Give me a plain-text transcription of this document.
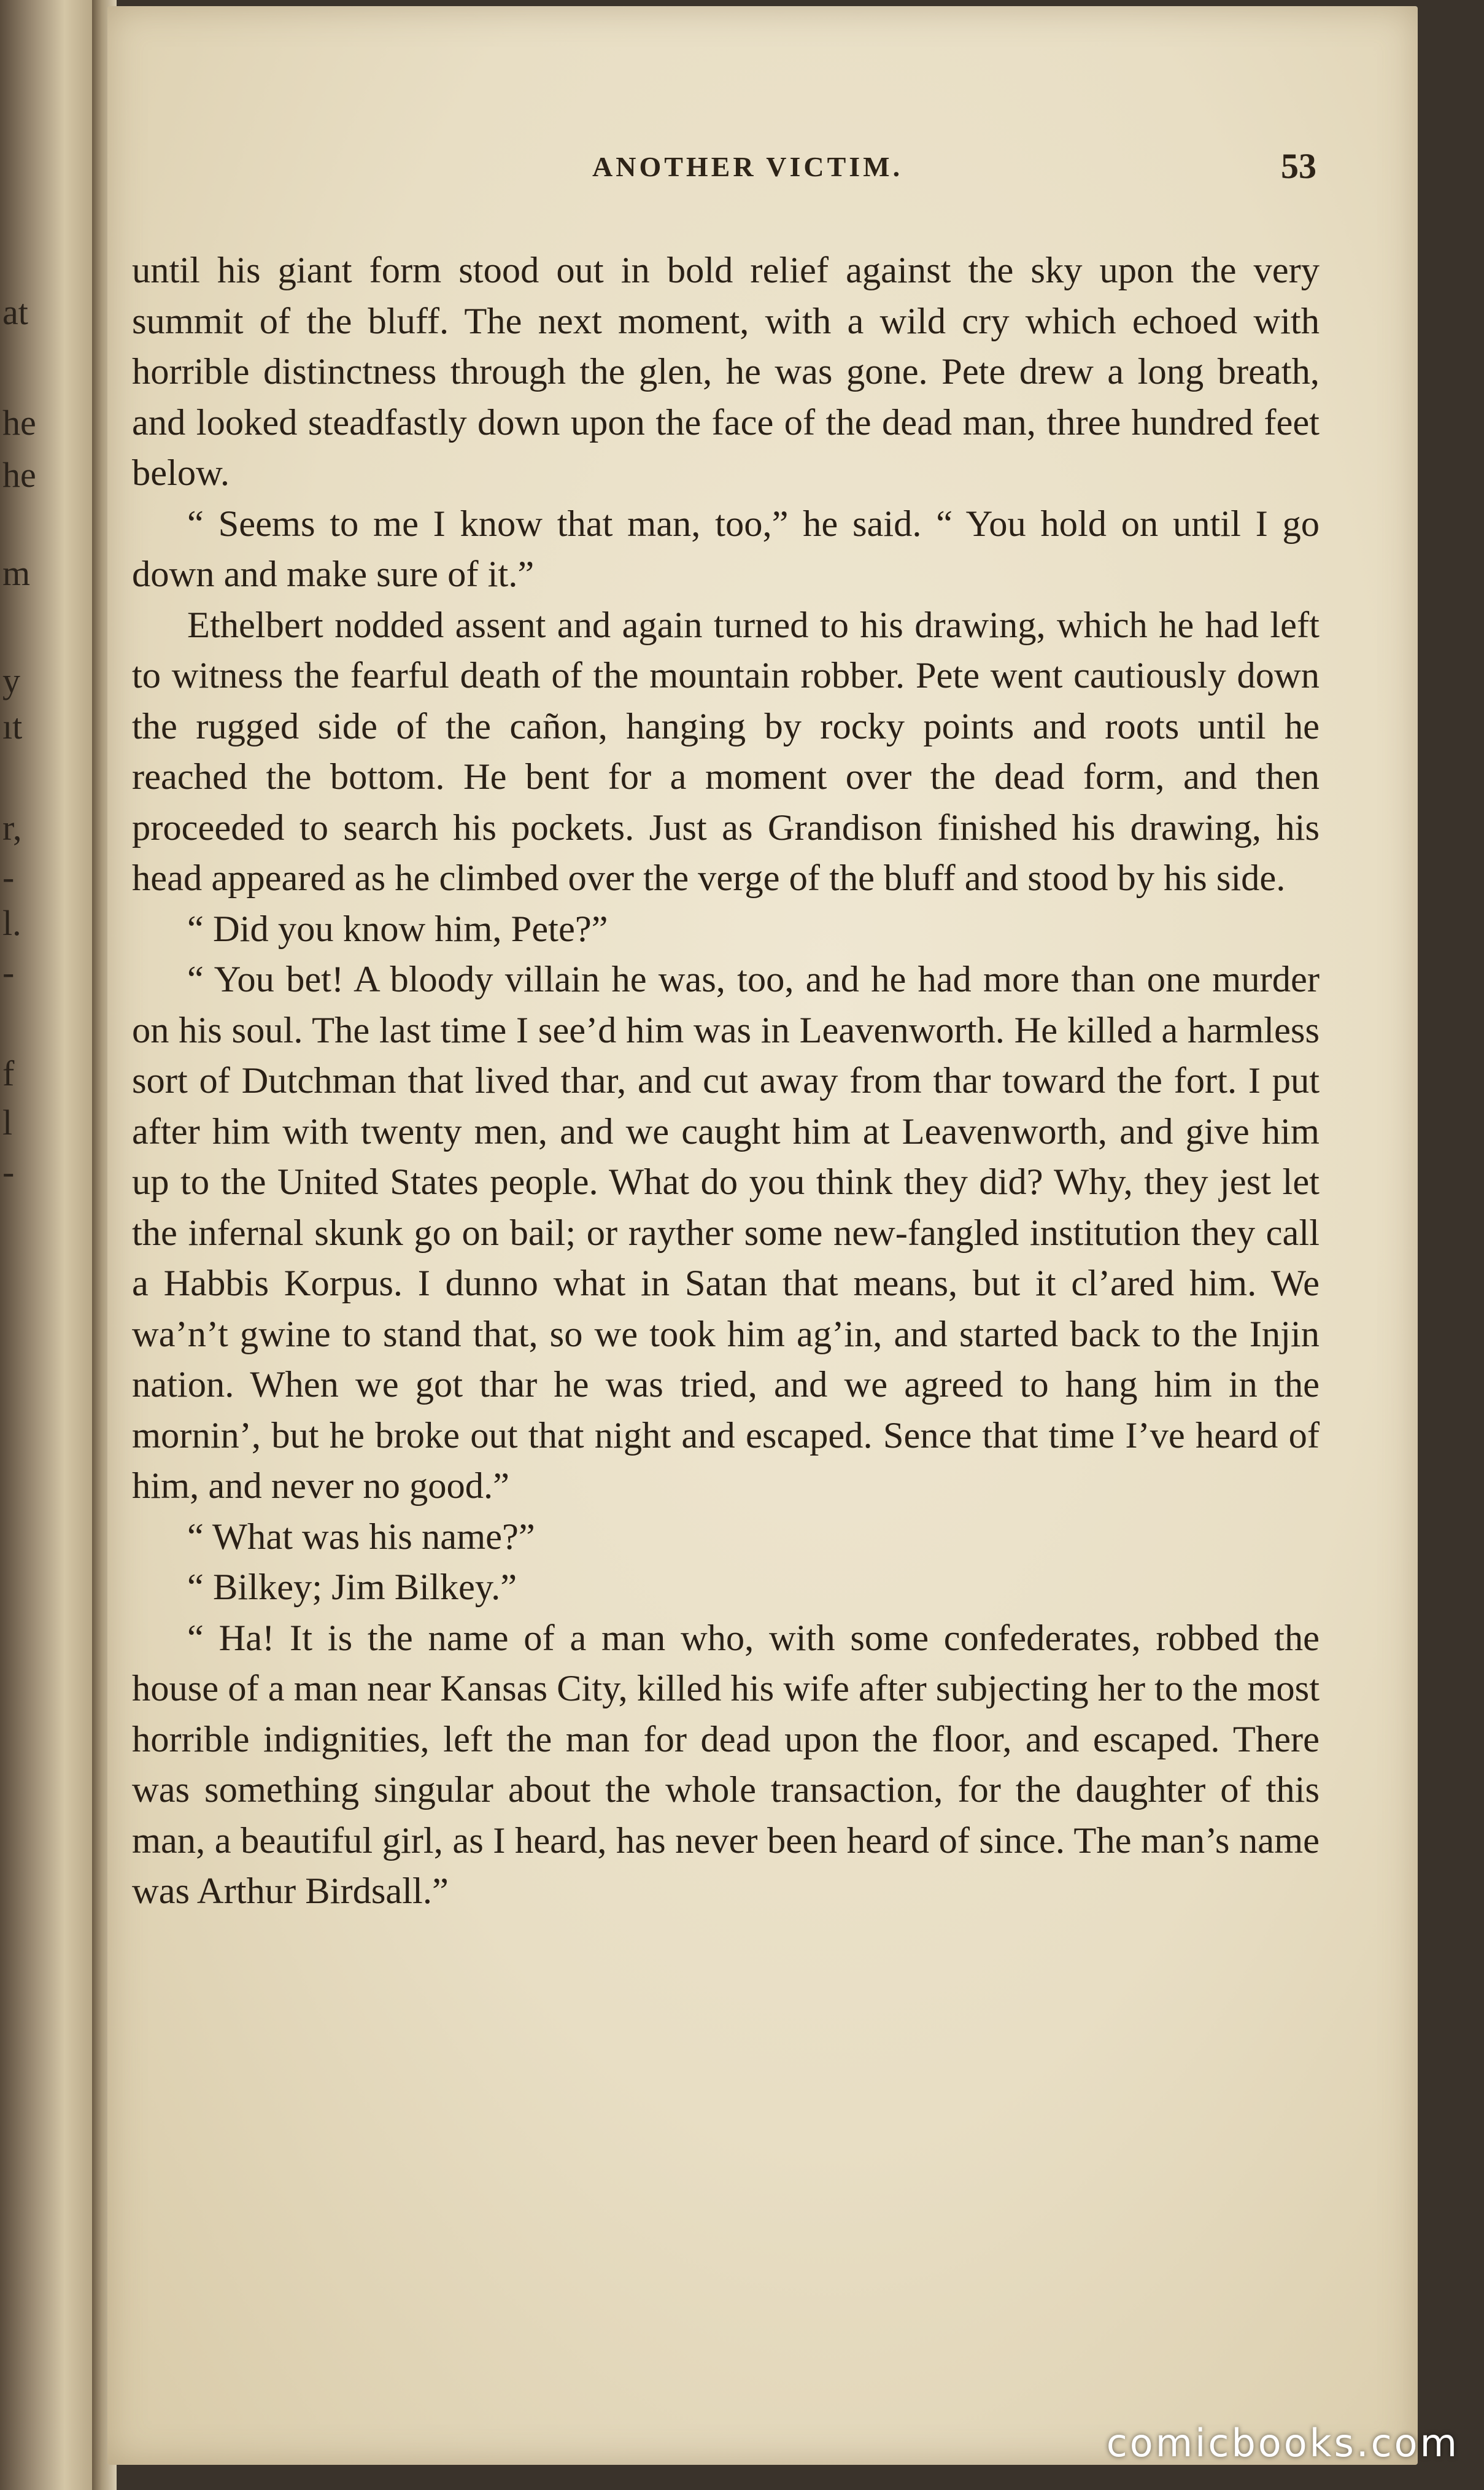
at
he
he
m
y
ıt
r,
-
l.
-
f
l
-
ANOTHER VICTIM.	53

until his giant form stood out in bold relief against the sky upon the very summit of the bluff. The next moment, with a wild cry which echoed with horrible distinctness through the glen, he was gone. Pete drew a long breath, and looked steadfastly down upon the face of the dead man, three hundred feet below.

“ Seems to me I know that man, too,” he said. “ You hold on until I go down and make sure of it.”

Ethelbert nodded assent and again turned to his drawing, which he had left to witness the fearful death of the mountain robber. Pete went cautiously down the rugged side of the cañon, hanging by rocky points and roots until he reached the bottom. He bent for a moment over the dead form, and then proceeded to search his pockets. Just as Grandison finished his drawing, his head appeared as he climbed over the verge of the bluff and stood by his side.

“ Did you know him, Pete?”

“ You bet! A bloody villain he was, too, and he had more than one murder on his soul. The last time I see’d him was in Leavenworth. He killed a harmless sort of Dutchman that lived thar, and cut away from thar toward the fort. I put after him with twenty men, and we caught him at Leavenworth, and give him up to the United States people. What do you think they did? Why, they jest let the infernal skunk go on bail; or rayther some new-fangled institution they call a Habbis Korpus. I dunno what in Satan that means, but it cl’ared him. We wa’n’t gwine to stand that, so we took him ag’in, and started back to the Injin nation. When we got thar he was tried, and we agreed to hang him in the mornin’, but he broke out that night and escaped. Sence that time I’ve heard of him, and never no good.”

“ What was his name?”

“ Bilkey; Jim Bilkey.”

“ Ha! It is the name of a man who, with some confederates, robbed the house of a man near Kansas City, killed his wife after subjecting her to the most horrible indignities, left the man for dead upon the floor, and escaped. There was something singular about the whole transaction, for the daughter of this man, a beautiful girl, as I heard, has never been heard of since. The man’s name was Arthur Birdsall.”

comicbooks.com
